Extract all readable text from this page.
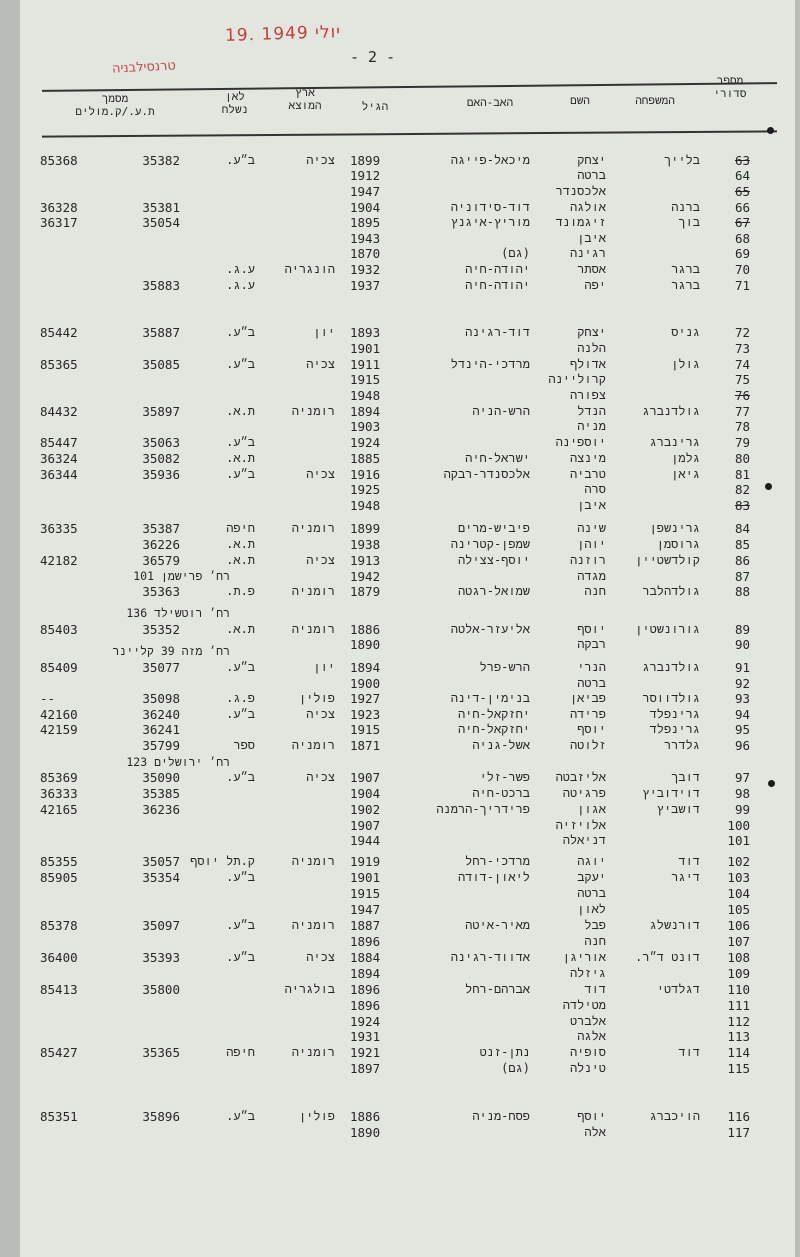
19. יולי 1949
טרנסילבניה
- 2 -
מספר
סדורי
המשפחה
השם
האב-האם
הגיל
ארץ
המוצא
לאן
נשלח
מסמך
ת.ע./ק.מולים
63
בלייך
יצחק
מיכאל-פייגה
1899
צכיה
ב״ע.
35382
85368
64
ברטה
1912
65
אלכסנדר
1947
66
ברנה
אולגה
דוד-סידוניה
1904
35381
36328
67
בוך
זיגמונד
מוריץ-איגנץ
1895
35054
36317
68
איבן
1943
69
רגינה
(גם)
1870
70
ברגר
אסתר
יהודה-חיה
1932
הונגריה
ע.ג.
71
ברגר
יפה
יהודה-חיה
1937
ע.ג.
35883
72
גניס
יצחק
דוד-רגינה
1893
יון
ב״ע.
35887
85442
73
הלנה
1901
74
גולן
אדולף
מרדכי-הינדל
1911
צכיה
ב״ע.
35085
85365
75
קרוליינה
1915
76
צפורה
1948
77
גולדנברג
הנדל
הרש-הניה
1894
רומניה
ת.א.
35897
84432
78
מניה
1903
79
גרינברג
יוספינה
1924
ב״ע.
35063
85447
80
גלמן
מינצה
ישראל-חיה
1885
ת.א.
35082
36324
81
גיאן
טרביה
אלכסנדר-רבקה
1916
צכיה
ב״ע.
35936
36344
82
סרה
1925
83
איבן
1948
84
גרינשפן
שינה
פיביש-מרים
1899
רומניה
חיפה
35387
36335
85
גרוסמן
יוהן
שמפן-קטרינה
1938
ת.א.
36226
86
קולדשטיין
רוזנה
יוסף-צצילה
1913
צכיה
ת.א.
36579
42182
87
מגדה
1942
רח׳ פרישמן 101
88
גולדהלבר
חנה
שמואל-רגטה
1879
רומניה
פ.ת.
35363
רח׳ רוטשילד 136
89
גורונשטין
יוסף
אליעזר-אלטה
1886
רומניה
ת.א.
35352
85403
90
רבקה
1890
רח׳ מזה 39 קליינר
91
גולדנברג
הנרי
הרש-פרל
1894
יון
ב״ע.
35077
85409
92
ברטה
1900
93
גולדווסר
פביאן
בנימין-דינה
1927
פולין
פ.ג.
35098
--
94
גרינפלד
פרידה
יחזקאל-חיה
1923
צכיה
ב״ע.
36240
42160
95
גרינפלד
יוסף
יחזקאל-חיה
1915
36241
42159
96
גלדרר
זלוטה
אשל-גניה
1871
רומניה
ספר
35799
רח׳ ירושלים 123
97
דובך
אליזבטה
פשר-זלי
1907
צכיה
ב״ע.
35090
85369
98
דוידוביץ
פרגיטה
ברכט-חיה
1904
35385
36333
99
דושביץ
אגון
פרידריך-הרמנה
1902
36236
42165
100
אלויזיה
1907
101
דניאלה
1944
102
דוד
יוגה
מרדכי-רחל
1919
רומניה
ק.תל יוסף
35057
85355
103
דיגר
יעקב
ליאון-דודה
1901
ב״ע.
35354
85905
104
ברטה
1915
105
לאון
1947
106
דורנשלג
פבל
מאיר-איטה
1887
רומניה
ב״ע.
35097
85378
107
חנה
1896
108
דונט ד״ר.
אוריגן
אדווד-רגינה
1884
צכיה
ב״ע.
35393
36400
109
גיזלה
1894
110
דגלדטי
דוד
אברהם-רחל
1896
בולגריה
35800
85413
111
מטילדה
1896
112
אלברט
1924
113
אלגה
1931
114
דוד
סופיה
נתן-זנט
1921
רומניה
חיפה
35365
85427
115
טינלה
(גם)
1897
116
הויכברג
יוסף
פסח-מניה
1886
פולין
ב״ע.
35896
85351
117
אלה
1890
